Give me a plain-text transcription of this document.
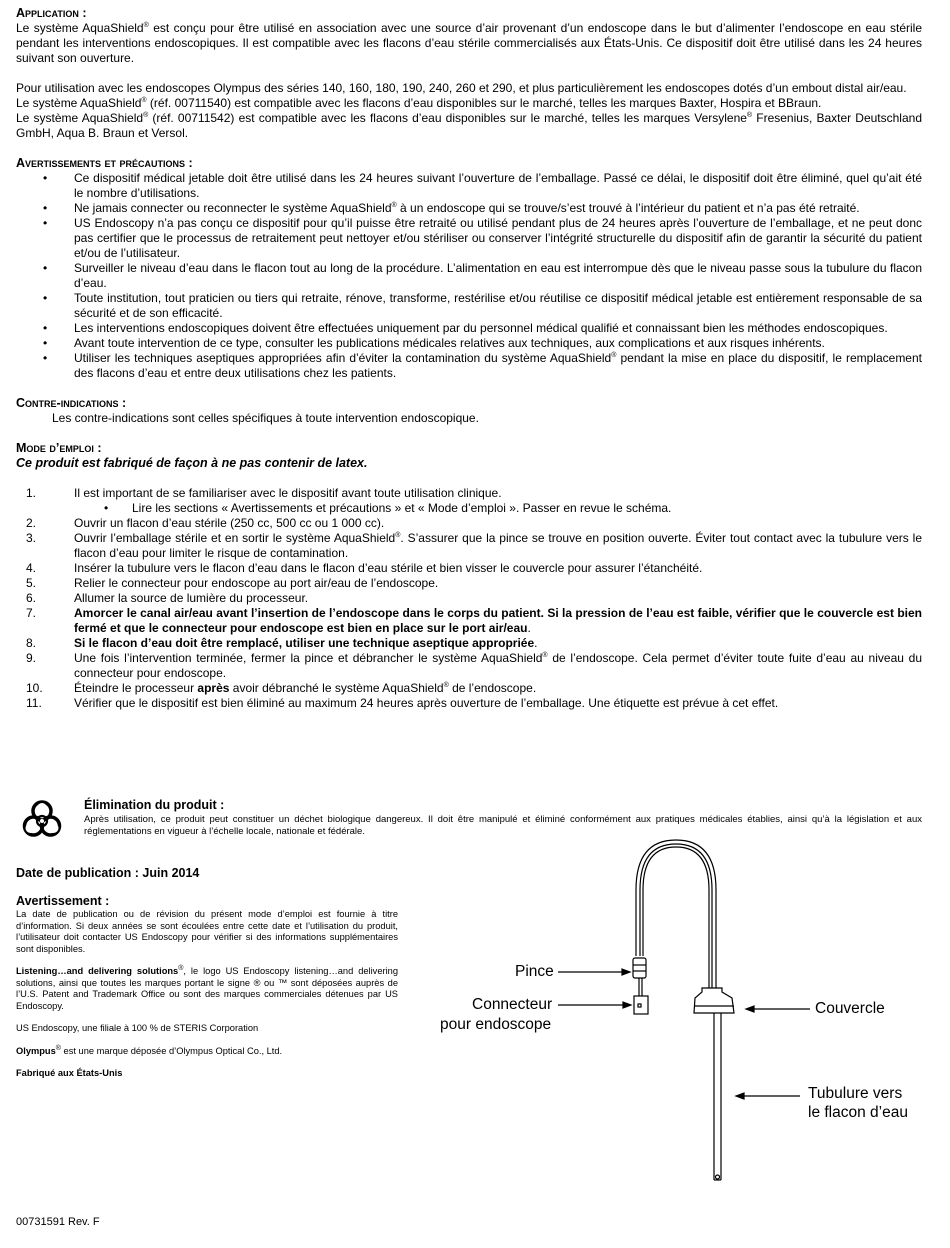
Application :

Le système AquaShield® est conçu pour être utilisé en association avec une source d’air provenant d’un endoscope dans le but d’alimenter l’endoscope en eau stérile pendant les interventions endoscopiques. Il est compatible avec les flacons d’eau stérile commercialisés aux États-Unis. Ce dispositif doit être utilisé dans les 24 heures suivant son ouverture.

Pour utilisation avec les endoscopes Olympus des séries 140, 160, 180, 190, 240, 260 et 290, et plus particulièrement les endoscopes dotés d’un embout distal air/eau.

Le système AquaShield® (réf. 00711540) est compatible avec les flacons d’eau disponibles sur le marché, telles les marques Baxter, Hospira et BBraun.

Le système AquaShield® (réf. 00711542) est compatible avec les flacons d’eau disponibles sur le marché, telles les marques Versylene® Fresenius, Baxter Deutschland GmbH, Aqua B. Braun et Versol.

Avertissements et précautions :
• Ce dispositif médical jetable doit être utilisé dans les 24 heures suivant l’ouverture de l’emballage. Passé ce délai, le dispositif doit être éliminé, quel qu’ait été le nombre d’utilisations.
• Ne jamais connecter ou reconnecter le système AquaShield® à un endoscope qui se trouve/s’est trouvé à l’intérieur du patient et n’a pas été retraité.
• US Endoscopy n’a pas conçu ce dispositif pour qu’il puisse être retraité ou utilisé pendant plus de 24 heures après l’ouverture de l’emballage, et ne peut donc pas certifier que le processus de retraitement peut nettoyer et/ou stériliser ou conserver l’intégrité structurelle du dispositif afin de garantir la sécurité du patient et/ou de l’utilisateur.
• Surveiller le niveau d’eau dans le flacon tout au long de la procédure. L’alimentation en eau est interrompue dès que le niveau passe sous la tubulure du flacon d’eau.
• Toute institution, tout praticien ou tiers qui retraite, rénove, transforme, restérilise et/ou réutilise ce dispositif médical jetable est entièrement responsable de sa sécurité et de son efficacité.
• Les interventions endoscopiques doivent être effectuées uniquement par du personnel médical qualifié et connaissant bien les méthodes endoscopiques.
• Avant toute intervention de ce type, consulter les publications médicales relatives aux techniques, aux complications et aux risques inhérents.
• Utiliser les techniques aseptiques appropriées afin d’éviter la contamination du système AquaShield® pendant la mise en place du dispositif, le remplacement des flacons d’eau et entre deux utilisations chez les patients.
Contre-indications :

Les contre-indications sont celles spécifiques à toute intervention endoscopique.

Mode d’emploi :

Ce produit est fabriqué de façon à ne pas contenir de latex.

1.	Il est important de se familiariser avec le dispositif avant toute utilisation clinique.
• Lire les sections « Avertissements et précautions » et « Mode d’emploi ». Passer en revue le schéma.
2.	Ouvrir un flacon d’eau stérile (250 cc, 500 cc ou 1 000 cc).
3.	Ouvrir l’emballage stérile et en sortir le système AquaShield®. S’assurer que la pince se trouve en position ouverte. Éviter tout contact avec la tubulure vers le flacon d’eau pour limiter le risque de contamination.
4.	Insérer la tubulure vers le flacon d’eau dans le flacon d’eau stérile et bien visser le couvercle pour assurer l’étanchéité.
5.	Relier le connecteur pour endoscope au port air/eau de l’endoscope.
6.	Allumer la source de lumière du processeur.
7.	Amorcer le canal air/eau avant l’insertion de l’endoscope dans le corps du patient. Si la pression de l’eau est faible, vérifier que le couvercle est bien fermé et que le connecteur pour endoscope est bien en place sur le port air/eau.
8.	Si le flacon d’eau doit être remplacé, utiliser une technique aseptique appropriée.
9.	Une fois l’intervention terminée, fermer la pince et débrancher le système AquaShield® de l’endoscope. Cela permet d’éviter toute fuite d’eau au niveau du connecteur pour endoscope.
10.	Éteindre le processeur après avoir débranché le système AquaShield® de l’endoscope.
11.	Vérifier que le dispositif est bien éliminé au maximum 24 heures après ouverture de l’emballage. Une étiquette est prévue à cet effet.
Élimination du produit :
Après utilisation, ce produit peut constituer un déchet biologique dangereux. Il doit être manipulé et éliminé conformément aux pratiques médicales établies, ainsi qu’à la législation et aux réglementations en vigueur à l’échelle locale, nationale et fédérale.

Date de publication : Juin 2014

Avertissement :

La date de publication ou de révision du présent mode d’emploi est fournie à titre d’information. Si deux années se sont écoulées entre cette date et l’utilisation du produit, l’utilisateur doit contacter US Endoscopy pour vérifier si des informations supplémentaires sont disponibles.

Listening…and delivering solutions®, le logo US Endoscopy listening…and delivering solutions, ainsi que toutes les marques portant le signe ® ou ™ sont déposées auprès de l’U.S. Patent and Trademark Office ou sont des marques commerciales détenues par US Endoscopy.

US Endoscopy, une filiale à 100 % de STERIS Corporation

Olympus® est une marque déposée d’Olympus Optical Co., Ltd.

Fabriqué aux États-Unis

Pince
Connecteur
pour endoscope
Couvercle
Tubulure vers
le flacon d’eau
00731591 Rev. F
